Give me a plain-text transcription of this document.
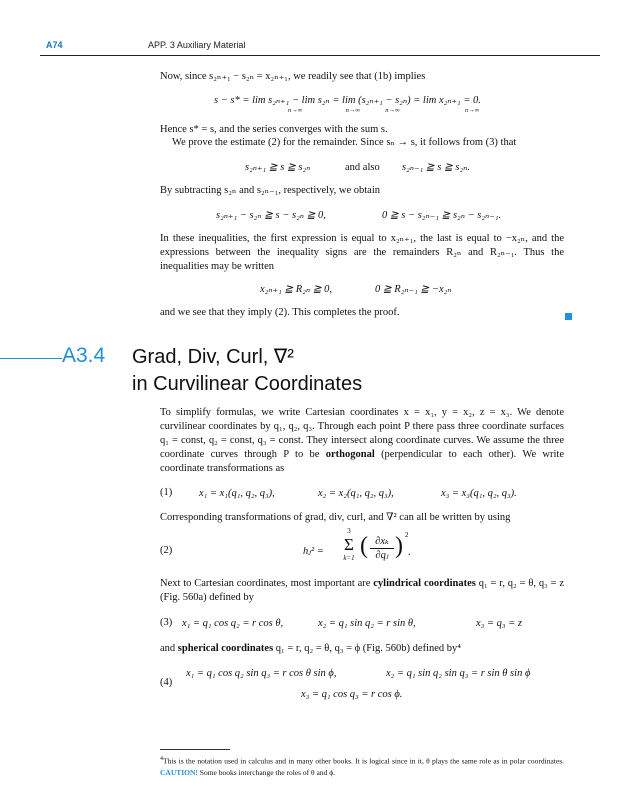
A74	APP. 3 Auxiliary Material
Now, since s₂ₙ₊₁ − s₂ₙ = x₂ₙ₊₁, we readily see that (1b) implies
s − s* = lim s₂ₙ₊₁ − lim s₂ₙ = lim (s₂ₙ₊₁ − s₂ₙ) = lim x₂ₙ₊₁ = 0.
n→∞	n→∞	n→∞	n→∞
Hence s* = s, and the series converges with the sum s.
We prove the estimate (2) for the remainder. Since sₙ → s, it follows from (3) that
s₂ₙ₊₁ ≧ s ≧ s₂ₙ	and also s₂ₙ₋₁ ≧ s ≧ s₂ₙ.
By subtracting s₂ₙ and s₂ₙ₋₁, respectively, we obtain
s₂ₙ₊₁ − s₂ₙ ≧ s − s₂ₙ ≧ 0,	0 ≧ s − s₂ₙ₋₁ ≧ s₂ₙ − s₂ₙ₋₁.
In these inequalities, the first expression is equal to x₂ₙ₊₁, the last is equal to −x₂ₙ, and the expressions between the inequality signs are the remainders R₂ₙ and R₂ₙ₋₁. Thus the inequalities may be written
x₂ₙ₊₁ ≧ R₂ₙ ≧ 0,	0 ≧ R₂ₙ₋₁ ≧ −x₂ₙ
and we see that they imply (2). This completes the proof.
A3.4 Grad, Div, Curl, ∇²
in Curvilinear Coordinates
To simplify formulas, we write Cartesian coordinates x = x₁, y = x₂, z = x₃. We denote curvilinear coordinates by q₁, q₂, q₃. Through each point P there pass three coordinate surfaces q₁ = const, q₂ = const, q₃ = const. They intersect along coordinate curves. We assume the three coordinate curves through P to be orthogonal (perpendicular to each other). We write coordinate transformations as
(1)	x₁ = x₁(q₁, q₂, q₃),	x₂ = x₂(q₁, q₂, q₃),	x₃ = x₃(q₁, q₂, q₃).
Corresponding transformations of grad, div, curl, and ∇² can all be written by using
(2)	hⱼ² =
3
Σ
k=1 ( ∂xₖ
∂qⱼ ) 2
.
Next to Cartesian coordinates, most important are cylindrical coordinates q₁ = r, q₂ = θ, q₃ = z (Fig. 560a) defined by
(3) x₁ = q₁ cos q₂ = r cos θ,	x₂ = q₁ sin q₂ = r sin θ,	x₃ = q₃ = z
and spherical coordinates q₁ = r, q₂ = θ, q₃ = ϕ (Fig. 560b) defined by⁴
(4)
x₁ = q₁ cos q₂ sin q₃ = r cos θ sin ϕ,	x₂ = q₁ sin q₂ sin q₃ = r sin θ sin ϕ
x₃ = q₁ cos q₃ = r cos ϕ.
$^4$This is the notation used in calculus and in many other books. It is logical since in it, θ plays the same role as in polar coordinates. CAUTION! Some books interchange the roles of θ and ϕ.
